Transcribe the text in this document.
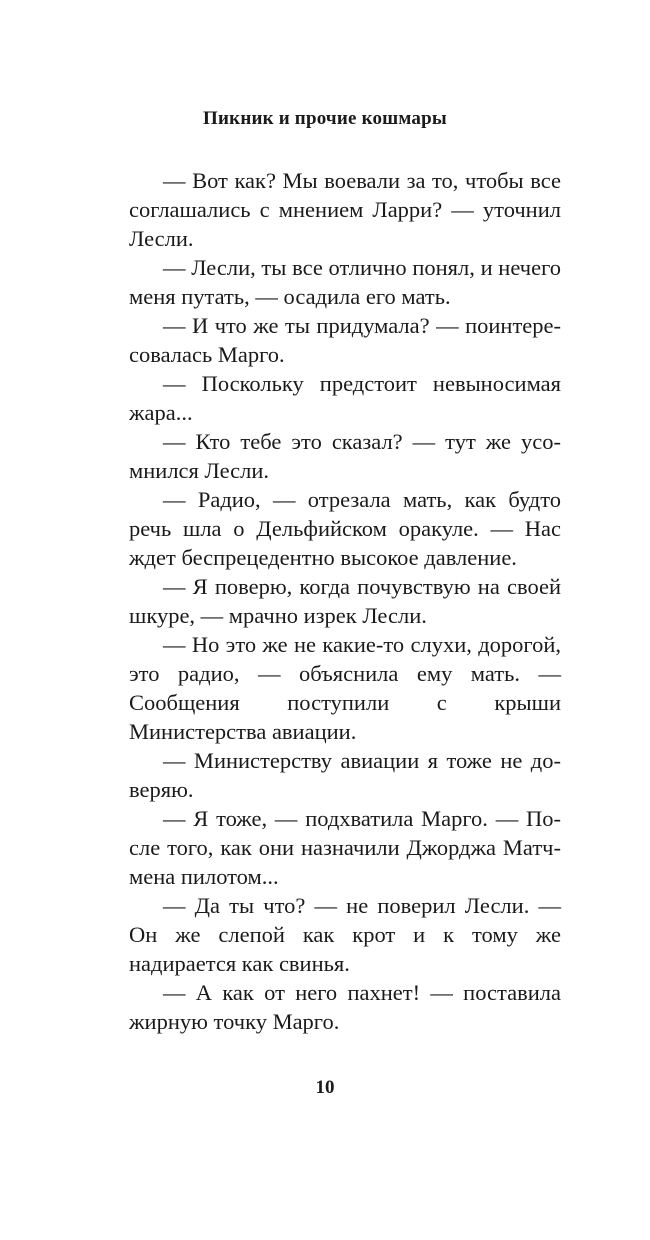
Пикник и прочие кошмары

— Вот как? Мы воевали за то, чтобы все соглашались с мнением Ларри? — уточнил Лесли.

— Лесли, ты все отлично понял, и нечего меня путать, — осадила его мать.

— И что же ты придумала? — поинтересовалась Марго.

— Поскольку предстоит невыносимая жара...

— Кто тебе это сказал? — тут же усомнился Лесли.

— Радио, — отрезала мать, как будто речь шла о Дельфийском оракуле. — Нас ждет беспрецедентно высокое давление.

— Я поверю, когда почувствую на своей шкуре, — мрачно изрек Лесли.

— Но это же не какие-то слухи, дорогой, это радио, — объяснила ему мать. — Сообщения поступили с крыши Министерства авиации.

— Министерству авиации я тоже не доверяю.

— Я тоже, — подхватила Марго. — После того, как они назначили Джорджа Матчмена пилотом...

— Да ты что? — не поверил Лесли. — Он же слепой как крот и к тому же надирается как свинья.

— А как от него пахнет! — поставила жирную точку Марго.

10
